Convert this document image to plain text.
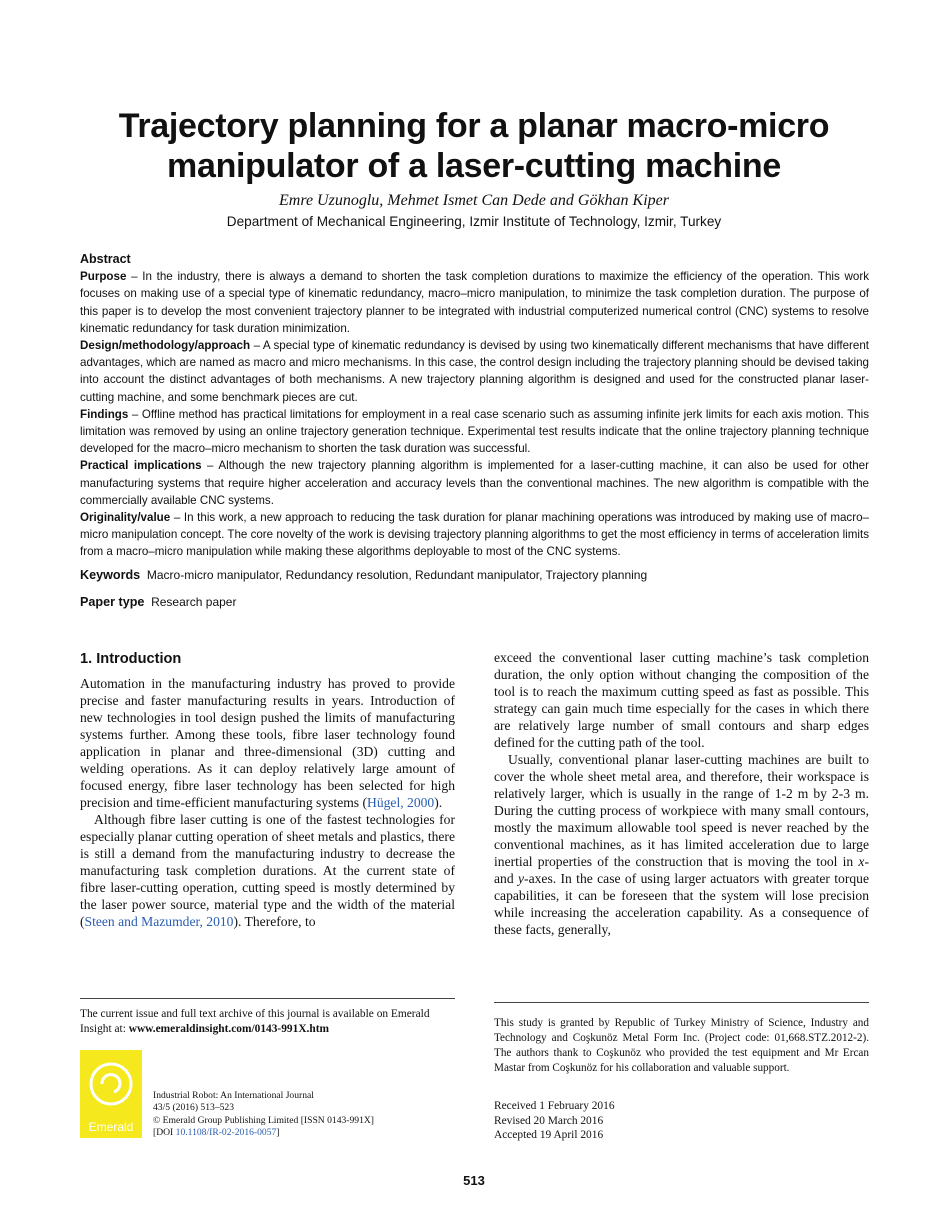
Trajectory planning for a planar macro-micro manipulator of a laser-cutting machine

Emre Uzunoglu, Mehmet Ismet Can Dede and Gökhan Kiper

Department of Mechanical Engineering, Izmir Institute of Technology, Izmir, Turkey

Abstract

Purpose – In the industry, there is always a demand to shorten the task completion durations to maximize the efficiency of the operation. This work focuses on making use of a special type of kinematic redundancy, macro–micro manipulation, to minimize the task completion duration. The purpose of this paper is to develop the most convenient trajectory planner to be integrated with industrial computerized numerical control (CNC) systems to resolve kinematic redundancy for task duration minimization.

Design/methodology/approach – A special type of kinematic redundancy is devised by using two kinematically different mechanisms that have different advantages, which are named as macro and micro mechanisms. In this case, the control design including the trajectory planning should be devised taking into account the distinct advantages of both mechanisms. A new trajectory planning algorithm is designed and used for the constructed planar laser-cutting machine, and some benchmark pieces are cut.

Findings – Offline method has practical limitations for employment in a real case scenario such as assuming infinite jerk limits for each axis motion. This limitation was removed by using an online trajectory generation technique. Experimental test results indicate that the online trajectory planning technique developed for the macro–micro mechanism to shorten the task duration was successful.

Practical implications – Although the new trajectory planning algorithm is implemented for a laser-cutting machine, it can also be used for other manufacturing systems that require higher acceleration and accuracy levels than the conventional machines. The new algorithm is compatible with the commercially available CNC systems.

Originality/value – In this work, a new approach to reducing the task duration for planar machining operations was introduced by making use of macro–micro manipulation concept. The core novelty of the work is devising trajectory planning algorithms to get the most efficiency in terms of acceleration limits from a macro–micro manipulation while making these algorithms deployable to most of the CNC systems.

Keywords Macro-micro manipulator, Redundancy resolution, Redundant manipulator, Trajectory planning
Paper type Research paper
1. Introduction

Automation in the manufacturing industry has proved to provide precise and faster manufacturing results in years. Introduction of new technologies in tool design pushed the limits of manufacturing systems further. Among these tools, fibre laser technology found application in planar and three-dimensional (3D) cutting and welding operations. As it can deploy relatively large amount of focused energy, fibre laser technology has been selected for high precision and time-efficient manufacturing systems (Hügel, 2000).

Although fibre laser cutting is one of the fastest technologies for especially planar cutting operation of sheet metals and plastics, there is still a demand from the manufacturing industry to decrease the manufacturing task completion durations. At the current state of fibre laser-cutting operation, cutting speed is mostly determined by the laser power source, material type and the width of the material (Steen and Mazumder, 2010). Therefore, to

exceed the conventional laser cutting machine’s task completion duration, the only option without changing the composition of the tool is to reach the maximum cutting speed as fast as possible. This strategy can gain much time especially for the cases in which there are relatively large number of small contours and sharp edges defined for the cutting path of the tool.

Usually, conventional planar laser-cutting machines are built to cover the whole sheet metal area, and therefore, their workspace is relatively larger, which is usually in the range of 1-2 m by 2-3 m. During the cutting process of workpiece with many small contours, mostly the maximum allowable tool speed is never reached by the conventional machines, as it has limited acceleration due to large inertial properties of the construction that is moving the tool in x- and y-axes. In the case of using larger actuators with greater torque capabilities, it can be foreseen that the system will lose precision while increasing the acceleration capability. As a consequence of these facts, generally,

The current issue and full text archive of this journal is available on Emerald Insight at: www.emeraldinsight.com/0143-991X.htm
Emerald
Industrial Robot: An International Journal
43/5 (2016) 513–523
© Emerald Group Publishing Limited [ISSN 0143-991X]
[DOI 10.1108/IR-02-2016-0057]
This study is granted by Republic of Turkey Ministry of Science, Industry and Technology and Coşkunöz Metal Form Inc. (Project code: 01,668.STZ.2012-2). The authors thank to Coşkunöz who provided the test equipment and Mr Ercan Mastar from Coşkunöz for his collaboration and valuable support.
Received 1 February 2016
Revised 20 March 2016
Accepted 19 April 2016
513
